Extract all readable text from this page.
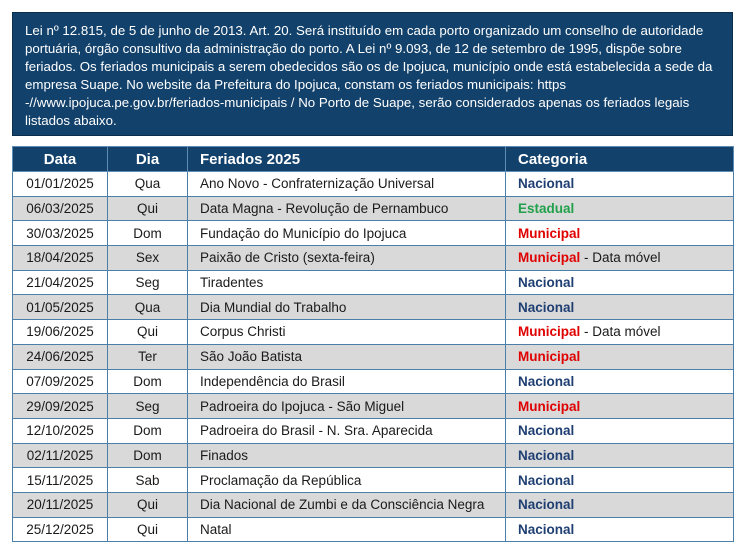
Lei nº 12.815, de 5 de junho de 2013. Art. 20. Será instituído em cada porto organizado um conselho de autoridade portuária, órgão consultivo da administração do porto. A Lei nº 9.093, de 12 de setembro de 1995, dispõe sobre feriados. Os feriados municipais a serem obedecidos são os de Ipojuca, município onde está estabelecida a sede da empresa Suape. No website da Prefeitura do Ipojuca, constam os feriados municipais: https -//www.ipojuca.pe.gov.br/feriados-municipais / No Porto de Suape, serão considerados apenas os feriados legais listados abaixo.

Data	Dia	Feriados 2025	Categoria
01/01/2025	Qua	Ano Novo - Confraternização Universal	Nacional
06/03/2025	Qui	Data Magna - Revolução de Pernambuco	Estadual
30/03/2025	Dom	Fundação do Município do Ipojuca	Municipal
18/04/2025	Sex	Paixão de Cristo (sexta-feira)	Municipal - Data móvel
21/04/2025	Seg	Tiradentes	Nacional
01/05/2025	Qua	Dia Mundial do Trabalho	Nacional
19/06/2025	Qui	Corpus Christi	Municipal - Data móvel
24/06/2025	Ter	São João Batista	Municipal
07/09/2025	Dom	Independência do Brasil	Nacional
29/09/2025	Seg	Padroeira do Ipojuca - São Miguel	Municipal
12/10/2025	Dom	Padroeira do Brasil - N. Sra. Aparecida	Nacional
02/11/2025	Dom	Finados	Nacional
15/11/2025	Sab	Proclamação da República	Nacional
20/11/2025	Qui	Dia Nacional de Zumbi e da Consciência Negra	Nacional
25/12/2025	Qui	Natal	Nacional
